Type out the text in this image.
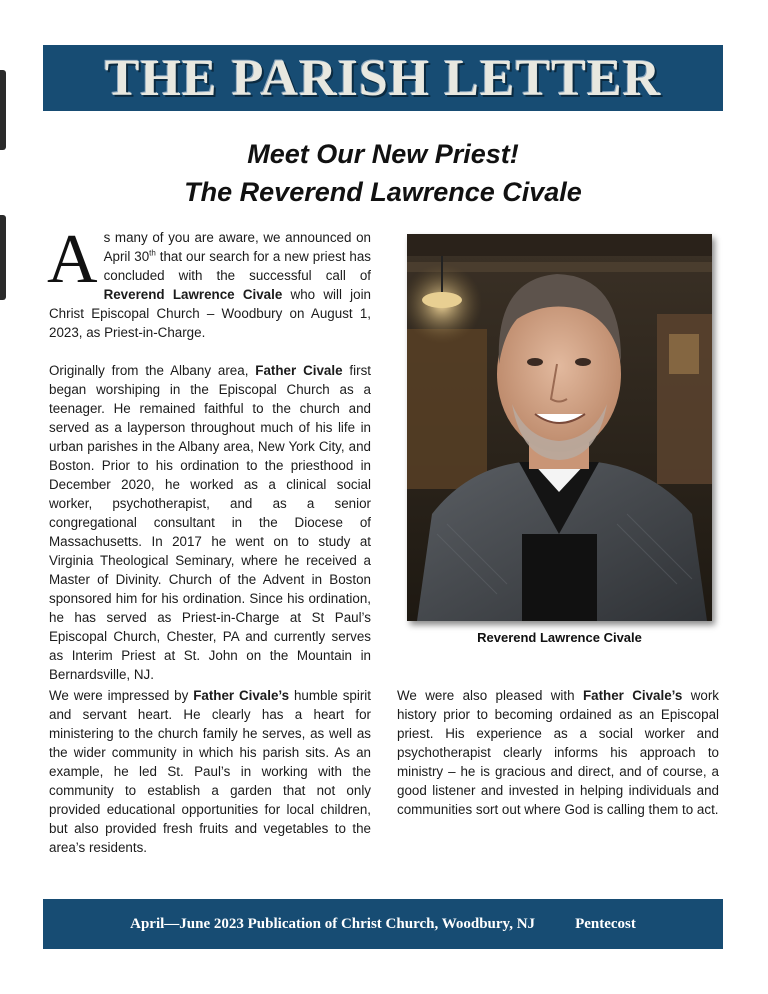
THE PARISH LETTER
Meet Our New Priest!
The Reverend Lawrence Civale

As many of you are aware, we announced on April 30th that our search for a new priest has concluded with the successful call of Reverend Lawrence Civale who will join Christ Episcopal Church – Woodbury on August 1, 2023, as Priest-in-Charge.

Originally from the Albany area, Father Civale first began worshiping in the Episcopal Church as a teenager. He remained faithful to the church and served as a layperson throughout much of his life in urban parishes in the Albany area, New York City, and Boston. Prior to his ordination to the priesthood in December 2020, he worked as a clinical social worker, psychotherapist, and as a senior congregational consultant in the Diocese of Massachusetts. In 2017 he went on to study at Virginia Theological Seminary, where he received a Master of Divinity. Church of the Advent in Boston sponsored him for his ordination. Since his ordination, he has served as Priest-in-Charge at St Paul’s Episcopal Church, Chester, PA and currently serves as Interim Priest at St. John on the Mountain in Bernardsville, NJ.

We were impressed by Father Civale’s humble spirit and servant heart. He clearly has a heart for ministering to the church family he serves, as well as the wider community in which his parish sits. As an example, he led St. Paul’s in working with the community to establish a garden that not only provided educational opportunities for local children, but also provided fresh fruits and vegetables to the area’s residents.

Reverend Lawrence Civale

We were also pleased with Father Civale’s work history prior to becoming ordained as an Episcopal priest. His experience as a social worker and psychotherapist clearly informs his approach to ministry – he is gracious and direct, and of course, a good listener and invested in helping individuals and communities sort out where God is calling them to act.

April—June 2023 Publication of Christ Church, Woodbury, NJ	Pentecost
